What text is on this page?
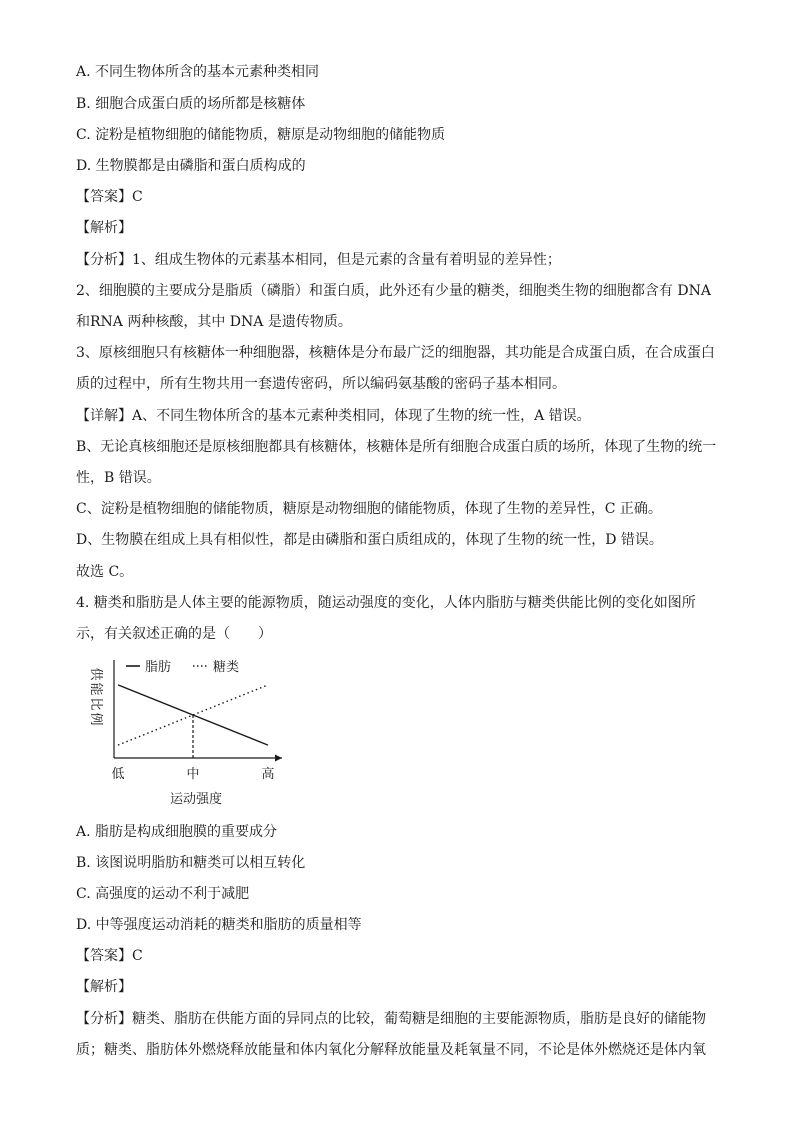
A. 不同生物体所含的基本元素种类相同
B. 细胞合成蛋白质的场所都是核糖体
C. 淀粉是植物细胞的储能物质，糖原是动物细胞的储能物质
D. 生物膜都是由磷脂和蛋白质构成的
【答案】C
【解析】
【分析】1、组成生物体的元素基本相同，但是元素的含量有着明显的差异性；
2、细胞膜的主要成分是脂质（磷脂）和蛋白质，此外还有少量的糖类，细胞类生物的细胞都含有 DNA
和RNA 两种核酸，其中 DNA 是遗传物质。
3、原核细胞只有核糖体一种细胞器，核糖体是分布最广泛的细胞器，其功能是合成蛋白质，在合成蛋白
质的过程中，所有生物共用一套遗传密码，所以编码氨基酸的密码子基本相同。
【详解】A、不同生物体所含的基本元素种类相同，体现了生物的统一性，A 错误。
B、无论真核细胞还是原核细胞都具有核糖体，核糖体是所有细胞合成蛋白质的场所，体现了生物的统一
性，B 错误。
C、淀粉是植物细胞的储能物质，糖原是动物细胞的储能物质，体现了生物的差异性，C 正确。
D、生物膜在组成上具有相似性，都是由磷脂和蛋白质组成的，体现了生物的统一性，D 错误。
故选 C。
4. 糖类和脂肪是人体主要的能源物质，随运动强度的变化，人体内脂肪与糖类供能比例的变化如图所
示，有关叙述正确的是（　　）
脂肪	糖类
供
能
比
例
低	中	高
运动强度
A. 脂肪是构成细胞膜的重要成分
B. 该图说明脂肪和糖类可以相互转化
C. 高强度的运动不利于减肥
D. 中等强度运动消耗的糖类和脂肪的质量相等
【答案】C
【解析】
【分析】糖类、脂肪在供能方面的异同点的比较，葡萄糖是细胞的主要能源物质，脂肪是良好的储能物
质；糖类、脂肪体外燃烧释放能量和体内氧化分解释放能量及耗氧量不同，不论是体外燃烧还是体内氧
